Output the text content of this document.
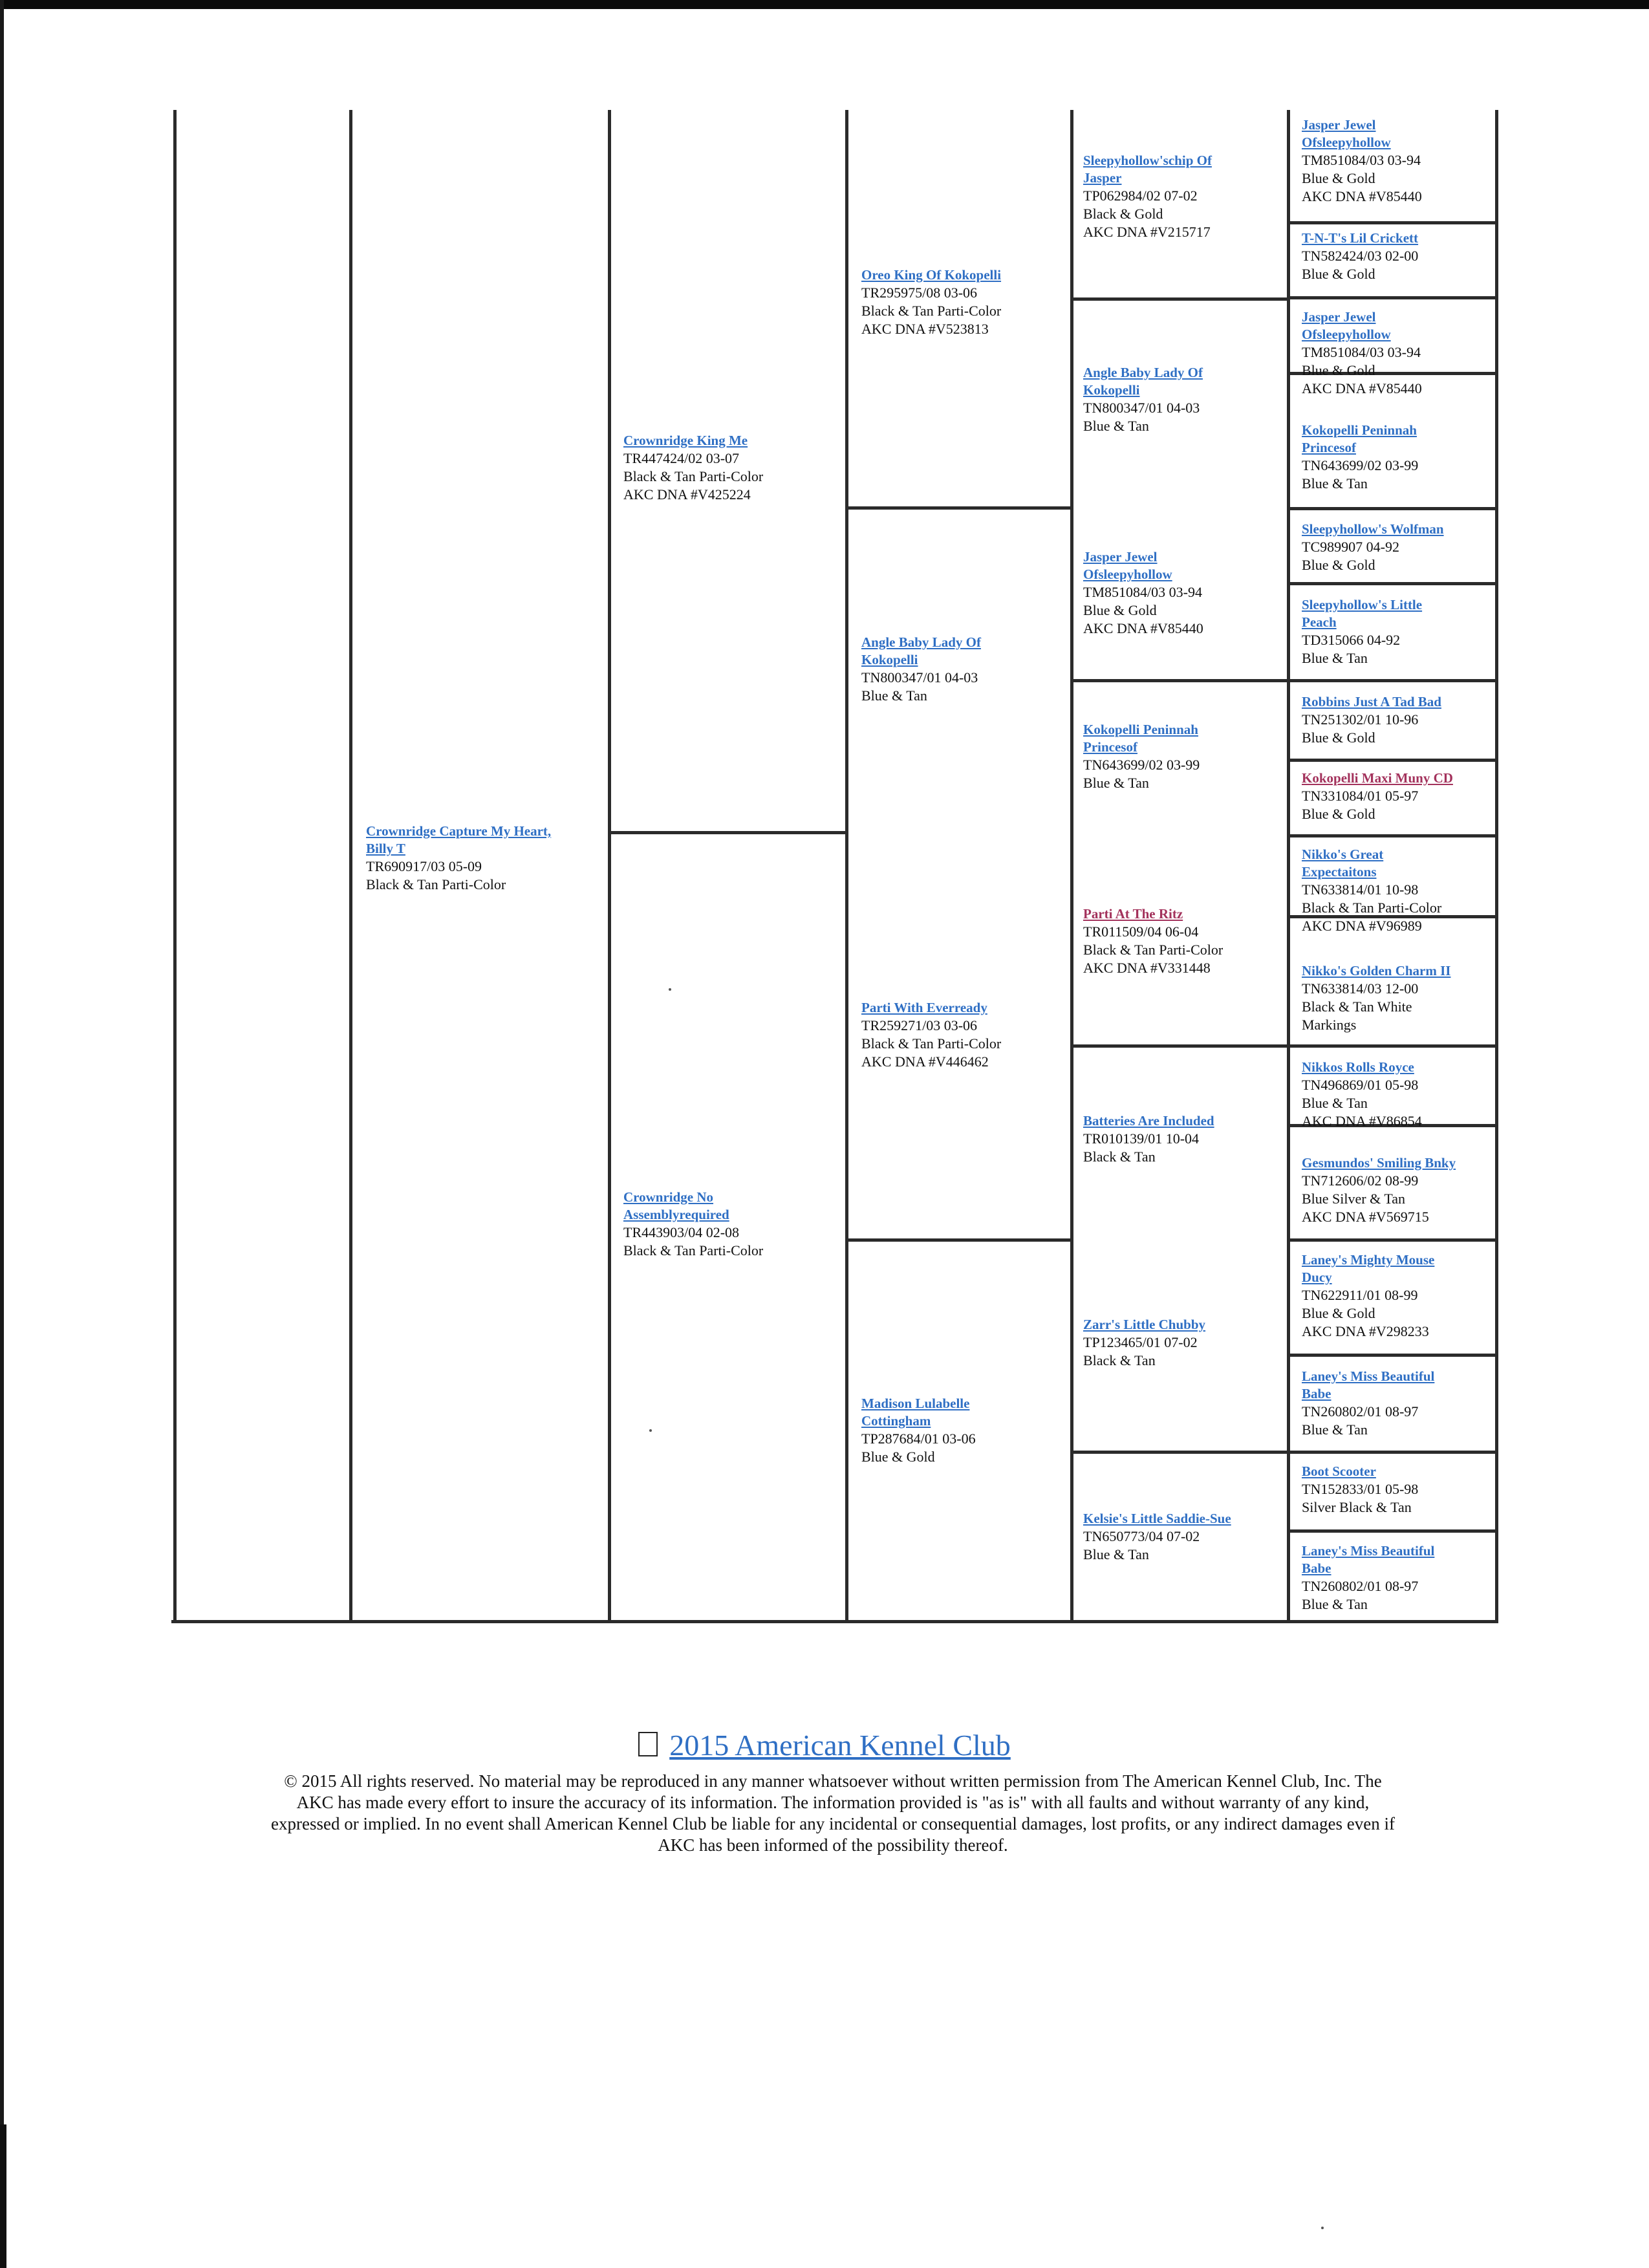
Crownridge Capture My Heart,
Billy T
TR690917/03 05-09
Black & Tan Parti-Color
Crownridge King Me
TR447424/02 03-07
Black & Tan Parti-Color
AKC DNA #V425224
Crownridge No
Assemblyrequired
TR443903/04 02-08
Black & Tan Parti-Color
Oreo King Of Kokopelli
TR295975/08 03-06
Black & Tan Parti-Color
AKC DNA #V523813
Angle Baby Lady Of
Kokopelli
TN800347/01 04-03
Blue & Tan
Parti With Everready
TR259271/03 03-06
Black & Tan Parti-Color
AKC DNA #V446462
Madison Lulabelle
Cottingham
TP287684/01 03-06
Blue & Gold
Sleepyhollow'schip Of
Jasper
TP062984/02 07-02
Black & Gold
AKC DNA #V215717
Angle Baby Lady Of
Kokopelli
TN800347/01 04-03
Blue & Tan
Jasper Jewel
Ofsleepyhollow
TM851084/03 03-94
Blue & Gold
AKC DNA #V85440
Kokopelli Peninnah
Princesof
TN643699/02 03-99
Blue & Tan
Parti At The Ritz
TR011509/04 06-04
Black & Tan Parti-Color
AKC DNA #V331448
Batteries Are Included
TR010139/01 10-04
Black & Tan
Zarr's Little Chubby
TP123465/01 07-02
Black & Tan
Kelsie's Little Saddie-Sue
TN650773/04 07-02
Blue & Tan
Jasper Jewel
Ofsleepyhollow
TM851084/03 03-94
Blue & Gold
AKC DNA #V85440
T-N-T's Lil Crickett
TN582424/03 02-00
Blue & Gold
Jasper Jewel
Ofsleepyhollow
TM851084/03 03-94
Blue & Gold
AKC DNA #V85440
Kokopelli Peninnah
Princesof
TN643699/02 03-99
Blue & Tan
Sleepyhollow's Wolfman
TC989907 04-92
Blue & Gold
Sleepyhollow's Little
Peach
TD315066 04-92
Blue & Tan
Robbins Just A Tad Bad
TN251302/01 10-96
Blue & Gold
Kokopelli Maxi Muny CD
TN331084/01 05-97
Blue & Gold
Nikko's Great
Expectaitons
TN633814/01 10-98
Black & Tan Parti-Color
AKC DNA #V96989
Nikko's Golden Charm II
TN633814/03 12-00
Black & Tan White
Markings
Nikkos Rolls Royce
TN496869/01 05-98
Blue & Tan
AKC DNA #V86854
Gesmundos' Smiling Bnky
TN712606/02 08-99
Blue Silver & Tan
AKC DNA #V569715
Laney's Mighty Mouse
Ducy
TN622911/01 08-99
Blue & Gold
AKC DNA #V298233
Laney's Miss Beautiful
Babe
TN260802/01 08-97
Blue & Tan
Boot Scooter
TN152833/01 05-98
Silver Black & Tan
Laney's Miss Beautiful
Babe
TN260802/01 08-97
Blue & Tan
2015 American Kennel Club
© 2015 All rights reserved. No material may be reproduced in any manner whatsoever without written permission from The American Kennel Club, Inc. The
AKC has made every effort to insure the accuracy of its information. The information provided is "as is" with all faults and without warranty of any kind,
expressed or implied. In no event shall American Kennel Club be liable for any incidental or consequential damages, lost profits, or any indirect damages even if
AKC has been informed of the possibility thereof.
